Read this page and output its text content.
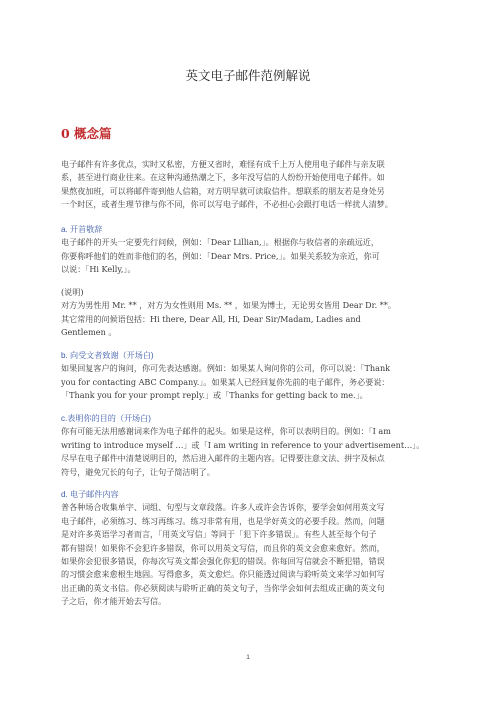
英文电子邮件范例解说
0 概念篇
电子邮件有许多优点，实时又私密，方便又省时，难怪有成千上万人使用电子邮件与亲友联
系，甚至进行商业往来。在这种沟通热潮之下，多年没写信的人纷纷开始使用电子邮件。如
果熬夜加班，可以将邮件寄到他人信箱，对方明早就可读取信件。想联系的朋友若是身处另
一个时区，或者生理节律与你不同，你可以写电子邮件，不必担心会跟打电话一样扰人清梦。
a. 开首敬辞
电子邮件的开头一定要先行问候，例如：「Dear Lillian,」。根据你与收信者的亲疏远近，
你要称呼他们的姓而非他们的名，例如：「Dear Mrs. Price,」。如果关系较为亲近，你可
以说：「Hi Kelly,」。
(说明)
对方为男性用 Mr. ** ，对方为女性则用 Ms. ** ，如果为博士，无论男女皆用 Dear Dr. **。
其它常用的问候语包括：Hi there, Dear All, Hi, Dear Sir/Madam, Ladies and
Gentlemen 。
b. 向受文者致谢（开场白)
如果回复客户的询问，你可先表达感谢。例如：如果某人询问你的公司，你可以说：「Thank
you for contacting ABC Company.」。如果某人已经回复你先前的电子邮件，务必要说：
「Thank you for your prompt reply.」或「Thanks for getting back to me.」。
c.表明你的目的（开场白)
你有可能无法用感谢词来作为电子邮件的起头。如果是这样，你可以表明目的。例如：「I am
writing to introduce myself …」或「I am writing in reference to your advertisement…」。
尽早在电子邮件中清楚说明目的，然后进入邮件的主题内容。记得要注意文法、拼字及标点
符号，避免冗长的句子，让句子简洁明了。
d. 电子邮件内容
普各种场合收集单字、词组、句型与文章段落。许多人或许会告诉你，要学会如何用英文写
电子邮件，必须练习、练习再练习。练习非常有用，也是学好英文的必要手段。然而，问题
是对许多英语学习者而言，「用英文写信」等同于「犯下许多错误」。有些人甚至每个句子
都有错误！如果你不会犯许多错误，你可以用英文写信，而且你的英文会愈来愈好。然而，
如果你会犯很多错误，你每次写英文都会强化你犯的错误。你每回写信就会不断犯错，错误
的习惯会愈来愈根生地固。写得愈多，英文愈烂。你只能透过阅读与聆听英文来学习如何写
出正确的英文书信。你必须阅读与聆听正确的英文句子，当你学会如何去组成正确的英文句
子之后，你才能开始去写信。
1
